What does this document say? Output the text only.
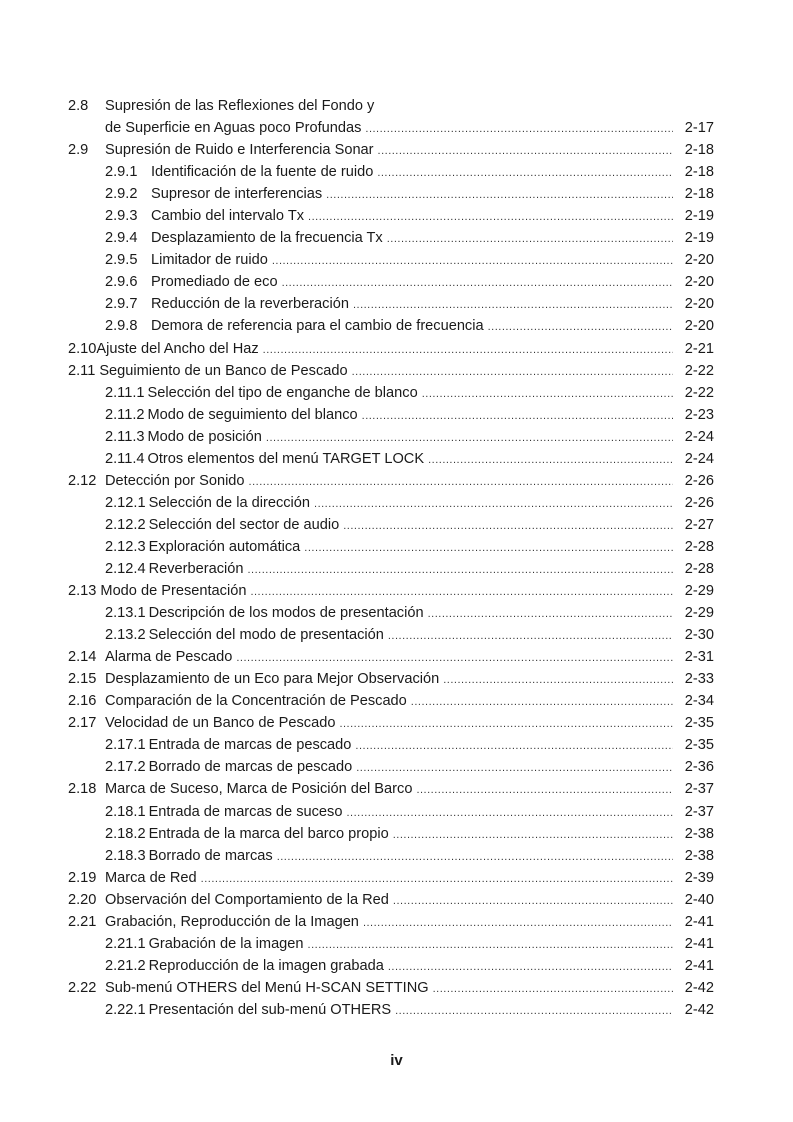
2.8	Supresión de las Reflexiones del Fondo y
de Superficie en Aguas poco Profundas .....	2-17
2.9	Supresión de Ruido e Interferencia Sonar .....	2-18
2.9.1 Identificación de la fuente de ruido .....	2-18
2.9.2 Supresor de interferencias .....	2-18
2.9.3 Cambio del intervalo Tx .....	2-19
2.9.4 Desplazamiento de la frecuencia Tx .....	2-19
2.9.5 Limitador de ruido .....	2-20
2.9.6 Promediado de eco .....	2-20
2.9.7 Reducción de la reverberación .....	2-20
2.9.8 Demora de referencia para el cambio de frecuencia .....	2-20
2.10 Ajuste del Ancho del Haz .....	2-21
2.11 Seguimiento de un Banco de Pescado .....	2-22
2.11.1 Selección del tipo de enganche de blanco .....	2-22
2.11.2 Modo de seguimiento del blanco .....	2-23
2.11.3 Modo de posición .....	2-24
2.11.4 Otros elementos del menú TARGET LOCK .....	2-24
2.12 Detección por Sonido .....	2-26
2.12.1 Selección de la dirección .....	2-26
2.12.2 Selección del sector de audio .....	2-27
2.12.3 Exploración automática .....	2-28
2.12.4 Reverberación .....	2-28
2.13 Modo de Presentación .....	2-29
2.13.1 Descripción de los modos de presentación .....	2-29
2.13.2 Selección del modo de presentación .....	2-30
2.14 Alarma de Pescado .....	2-31
2.15 Desplazamiento de un Eco para Mejor Observación .....	2-33
2.16 Comparación de la Concentración de Pescado .....	2-34
2.17 Velocidad de un Banco de Pescado .....	2-35
2.17.1 Entrada de marcas de pescado .....	2-35
2.17.2 Borrado de marcas de pescado .....	2-36
2.18 Marca de Suceso, Marca de Posición del Barco .....	2-37
2.18.1 Entrada de marcas de suceso .....	2-37
2.18.2 Entrada de la marca del barco propio .....	2-38
2.18.3 Borrado de marcas .....	2-38
2.19 Marca de Red .....	2-39
2.20 Observación del Comportamiento de la Red .....	2-40
2.21 Grabación, Reproducción de la Imagen .....	2-41
2.21.1 Grabación de la imagen .....	2-41
2.21.2 Reproducción de la imagen grabada .....	2-41
2.22 Sub-menú OTHERS del Menú H-SCAN SETTING .....	2-42
2.22.1 Presentación del sub-menú OTHERS .....	2-42
iv
